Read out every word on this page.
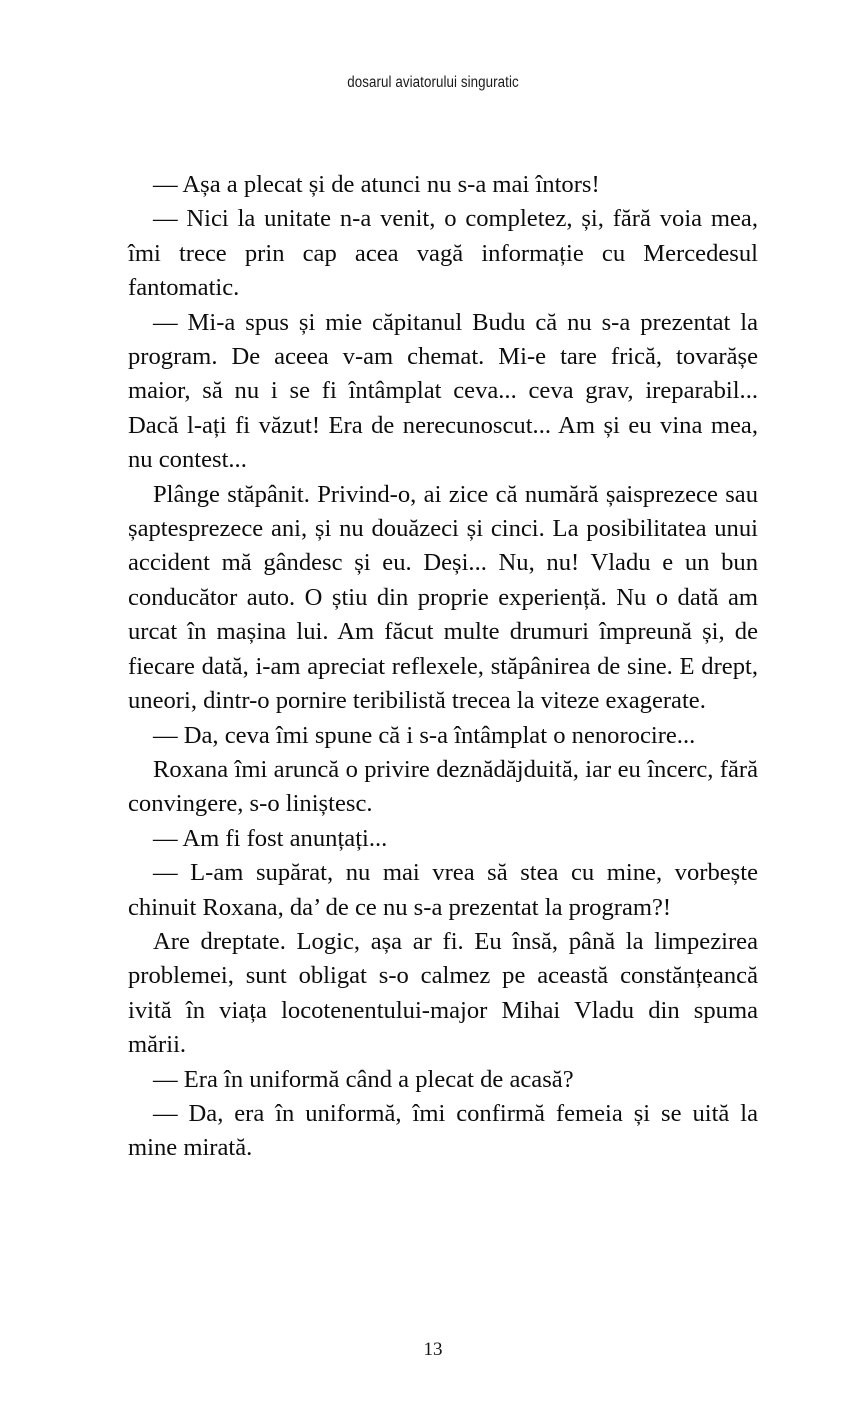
dosarul aviatorului singuratic

— Așa a plecat și de atunci nu s-a mai întors!

— Nici la unitate n-a venit, o completez, și, fără voia mea, îmi trece prin cap acea vagă informație cu Mercedesul fantomatic.

— Mi-a spus și mie căpitanul Budu că nu s-a prezentat la program. De aceea v-am chemat. Mi-e tare frică, tovarășe maior, să nu i se fi întâmplat ceva... ceva grav, ireparabil... Dacă l-ați fi văzut! Era de nerecunoscut... Am și eu vina mea, nu contest...

Plânge stăpânit. Privind-o, ai zice că numără șaisprezece sau șaptesprezece ani, și nu douăzeci și cinci. La posibilitatea unui accident mă gândesc și eu. Deși... Nu, nu! Vladu e un bun conducător auto. O știu din proprie experiență. Nu o dată am urcat în mașina lui. Am făcut multe drumuri împreună și, de fiecare dată, i-am apreciat reflexele, stăpânirea de sine. E drept, uneori, dintr-o pornire teribilistă trecea la viteze exagerate.

— Da, ceva îmi spune că i s-a întâmplat o nenorocire...

Roxana îmi aruncă o privire deznădăjduită, iar eu încerc, fără convingere, s-o liniștesc.

— Am fi fost anunțați...

— L-am supărat, nu mai vrea să stea cu mine, vorbește chinuit Roxana, da’ de ce nu s-a prezentat la program?!

Are dreptate. Logic, așa ar fi. Eu însă, până la limpezirea problemei, sunt obligat s-o calmez pe această constănțeancă ivită în viața locotenentului-major Mihai Vladu din spuma mării.

— Era în uniformă când a plecat de acasă?

— Da, era în uniformă, îmi confirmă femeia și se uită la mine mirată.

13
